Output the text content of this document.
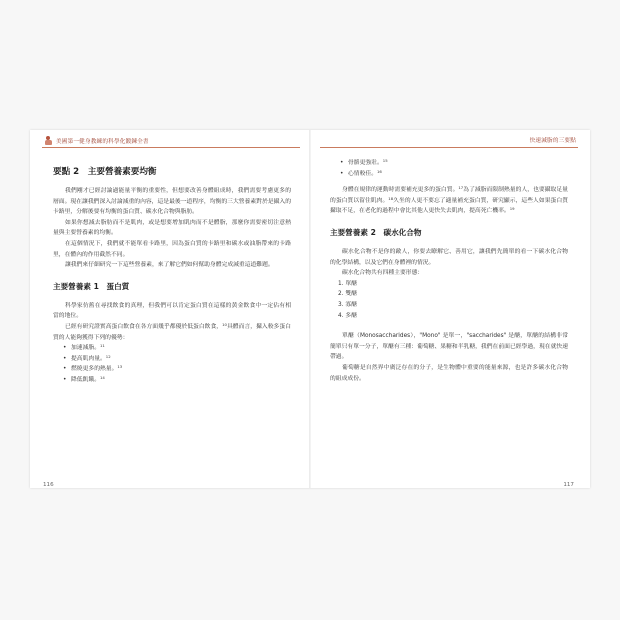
美國第一健身教練的科學化鍛鍊全書
要點 2　主要營養素要均衡

我們剛才已經討論過能量平衡的重要性，但想要改善身體組成時，我們需要考慮更多的層面。現在讓我們深入討論減重的內容，這是最後一道程序，均衡的三大營養素對於是攝入的卡路里，分解後要有均衡的蛋白質、碳水化合物與脂肪。

如果你想減去脂肪而不是肌肉，或是想要增加肌肉而不是體脂，那麼你需要密切注意熱量與主要營養素的均衡。

在這個情況下，我們就不能單看卡路里，因為蛋白質的卡路里和碳水或油脂帶來的卡路里，在體內的作用截然不同。

讓我們來仔細研究一下這些營養素，來了解它們如何幫助身體完成減重這道難題。

主要營養素 1　蛋白質

科學家仿舊在尋找飲食的真理，但我們可以肯定蛋白質在這樣的黃金飲食中一定佔有相當的地位。

已經有研究證實高蛋白飲食在各方面幾乎都優於低蛋白飲食，$^{10}$具體而言，攝入較多蛋白質的人能夠獲得下列的優勢：

• 加速減脂。$^{11}$
• 提高肌肉量。$^{12}$
• 燃燒更多的熱量。$^{13}$
• 降低飢餓。$^{14}$
116
快速減脂的三要點
• 骨骼更強壯。$^{15}$
• 心情較佳。$^{16}$

身體在規律的運動時需要補充更多的蛋白質。$^{17}$為了減脂而限制熱量的人，也要攝取足量的蛋白質以留住肌肉。$^{18}$久坐的人更不要忘了適量補充蛋白質，研究顯示，這些人如果蛋白質攝取不足，在老化的過程中會比其他人更快失去肌肉，提高死亡機率。$^{19}$

主要營養素 2　碳水化合物

碳水化合物不是你的敵人，你要去瞭解它、善用它，讓我們先簡單的看一下碳水化合物的化學結構，以及它們在身體裡的情況。

碳水化合物共有四種主要形態：

1. 單醣
2. 雙醣
3. 寡醣
4. 多醣

單醣（Monosaccharides），"Mono" 是單一，"saccharides" 是醣，單醣的結構非常簡單只有單一分子，單醣有三種：葡萄糖、果糖和半乳糖，我們在前面已經學過，現在就快速帶過。

葡萄糖是自然界中廣泛存在的分子，是生物體中重要的能量來源，也是許多碳水化合物的組成成份。

117
